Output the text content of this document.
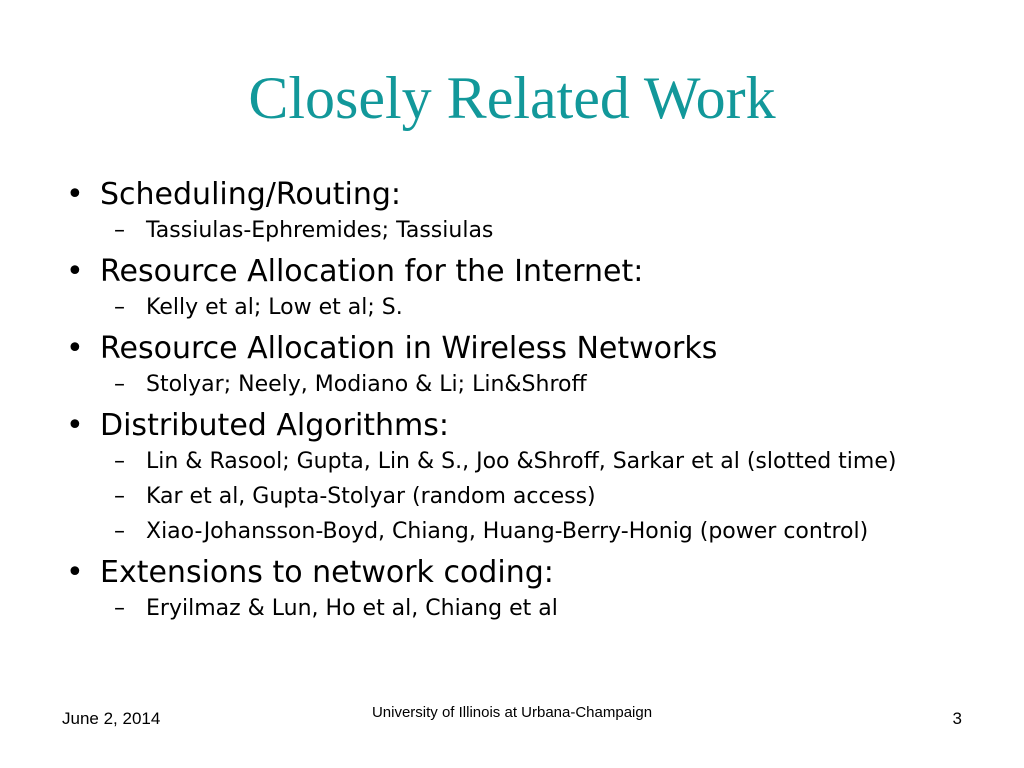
Closely Related Work
• Scheduling/Routing:
– Tassiulas-Ephremides; Tassiulas
• Resource Allocation for the Internet:
– Kelly et al; Low et al; S.
• Resource Allocation in Wireless Networks
– Stolyar; Neely, Modiano & Li; Lin&Shroff
• Distributed Algorithms:
– Lin & Rasool; Gupta, Lin & S., Joo &Shroff, Sarkar et al (slotted time)
– Kar et al, Gupta-Stolyar (random access)
– Xiao-Johansson-Boyd, Chiang, Huang-Berry-Honig (power control)
• Extensions to network coding:
– Eryilmaz & Lun, Ho et al, Chiang et al
June 2, 2014	University of Illinois at Urbana-Champaign	3
